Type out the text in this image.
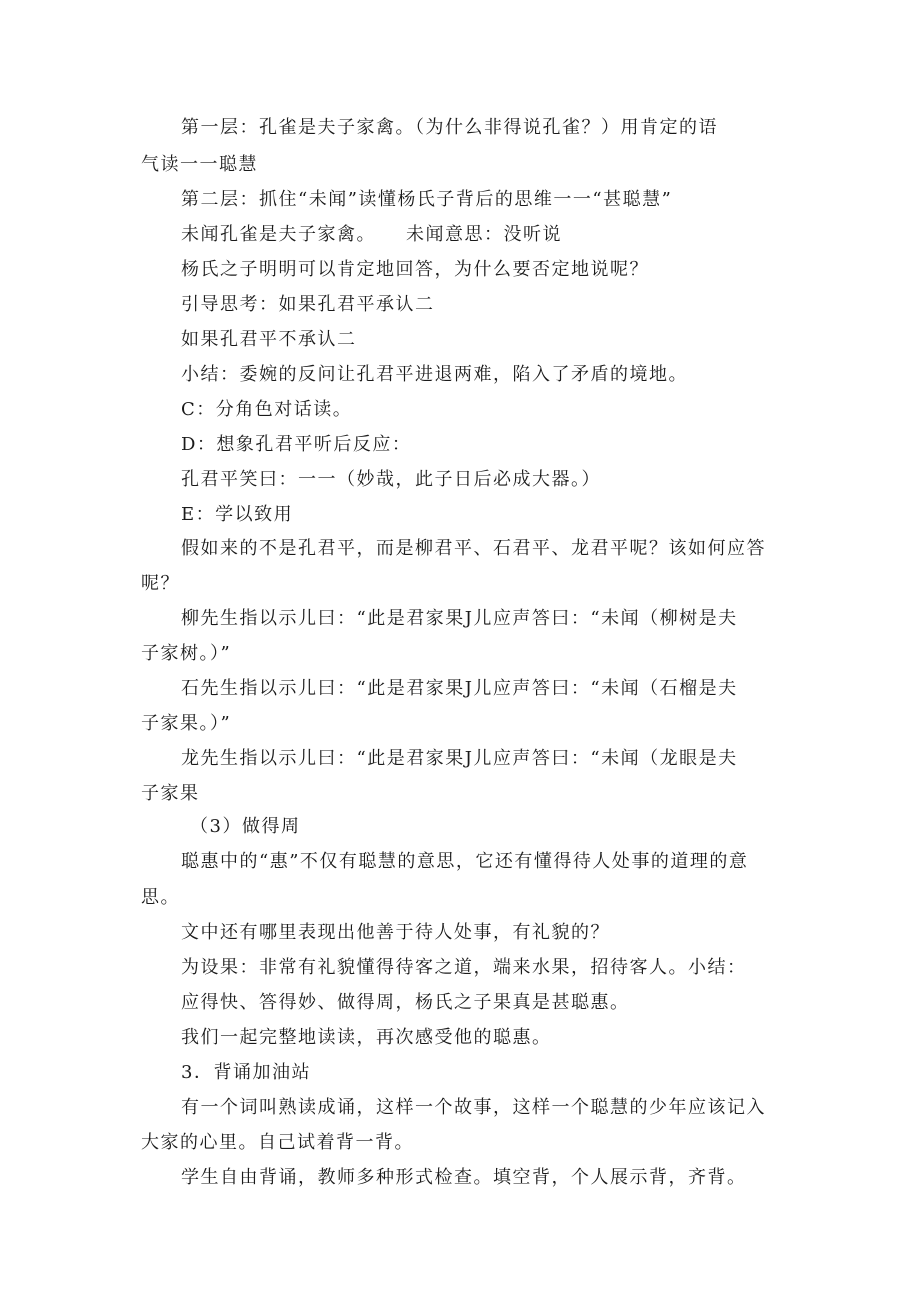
第一层：孔雀是夫子家禽。（为什么非得说孔雀？）用肯定的语
气读一一聪慧
第二层：抓住“未闻”读懂杨氏子背后的思维一一“甚聪慧”
未闻孔雀是夫子家禽。　　未闻意思：没听说
杨氏之子明明可以肯定地回答，为什么要否定地说呢？
引导思考：如果孔君平承认二
如果孔君平不承认二
小结：委婉的反问让孔君平进退两难，陷入了矛盾的境地。
C：分角色对话读。
D：想象孔君平听后反应：
孔君平笑曰：一一（妙哉，此子日后必成大器。）
E：学以致用
假如来的不是孔君平，而是柳君平、石君平、龙君平呢？该如何应答
呢？
柳先生指以示儿曰：“此是君家果J儿应声答曰：“未闻（柳树是夫
子家树。）”
石先生指以示儿曰：“此是君家果J儿应声答曰：“未闻（石榴是夫
子家果。）”
龙先生指以示儿曰：“此是君家果J儿应声答曰：“未闻（龙眼是夫
子家果
（3）做得周
聪惠中的“惠”不仅有聪慧的意思，它还有懂得待人处事的道理的意
思。
文中还有哪里表现出他善于待人处事，有礼貌的？
为设果：非常有礼貌懂得待客之道，端来水果，招待客人。小结：
应得快、答得妙、做得周，杨氏之子果真是甚聪惠。
我们一起完整地读读，再次感受他的聪惠。
3．背诵加油站
有一个词叫熟读成诵，这样一个故事，这样一个聪慧的少年应该记入
大家的心里。自己试着背一背。
学生自由背诵，教师多种形式检查。填空背，个人展示背，齐背。
